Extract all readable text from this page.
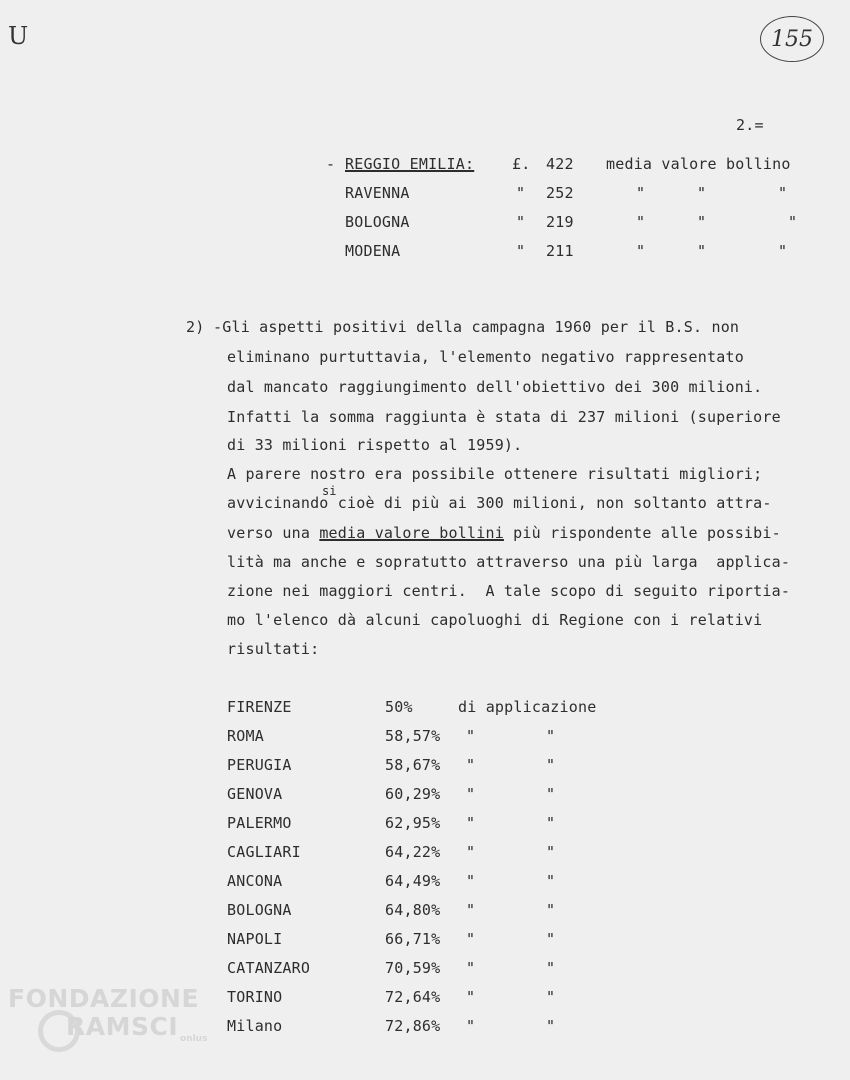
U	155
2.=
- REGGIO EMILIA:	£. 422 media valore bollino
RAVENNA	" 252	"	"	"
BOLOGNA	" 219	"	"	"
MODENA	" 211	"	"	"
2) -Gli aspetti positivi della campagna 1960 per il B.S. non
eliminano purtuttavia, l'elemento negativo rappresentato
dal mancato raggiungimento dell'obiettivo dei 300 milioni.
Infatti la somma raggiunta è stata di 237 milioni (superiore
di 33 milioni rispetto al 1959).
A parere nostro era possibile ottenere risultati migliori;
si
avvicinando cioè di più ai 300 milioni, non soltanto attra-
verso una media valore bollini più rispondente alle possibi-
lità ma anche e sopratutto attraverso una più larga  applica-
zione nei maggiori centri.  A tale scopo di seguito riportia-
mo l'elenco dà alcuni capoluoghi di Regione con i relativi
risultati:
FIRENZE	50%	di applicazione
ROMA	58,57% "	"
PERUGIA	58,67% "	"
GENOVA	60,29% "	"
PALERMO	62,95% "	"
CAGLIARI	64,22% "	"
ANCONA	64,49% "	"
BOLOGNA	64,80% "	"
NAPOLI	66,71% "	"
CATANZARO	70,59% "	"
TORINO	72,64% "	"
Milano	72,86% "	"
FONDAZIONE
RAMSCI onlus
